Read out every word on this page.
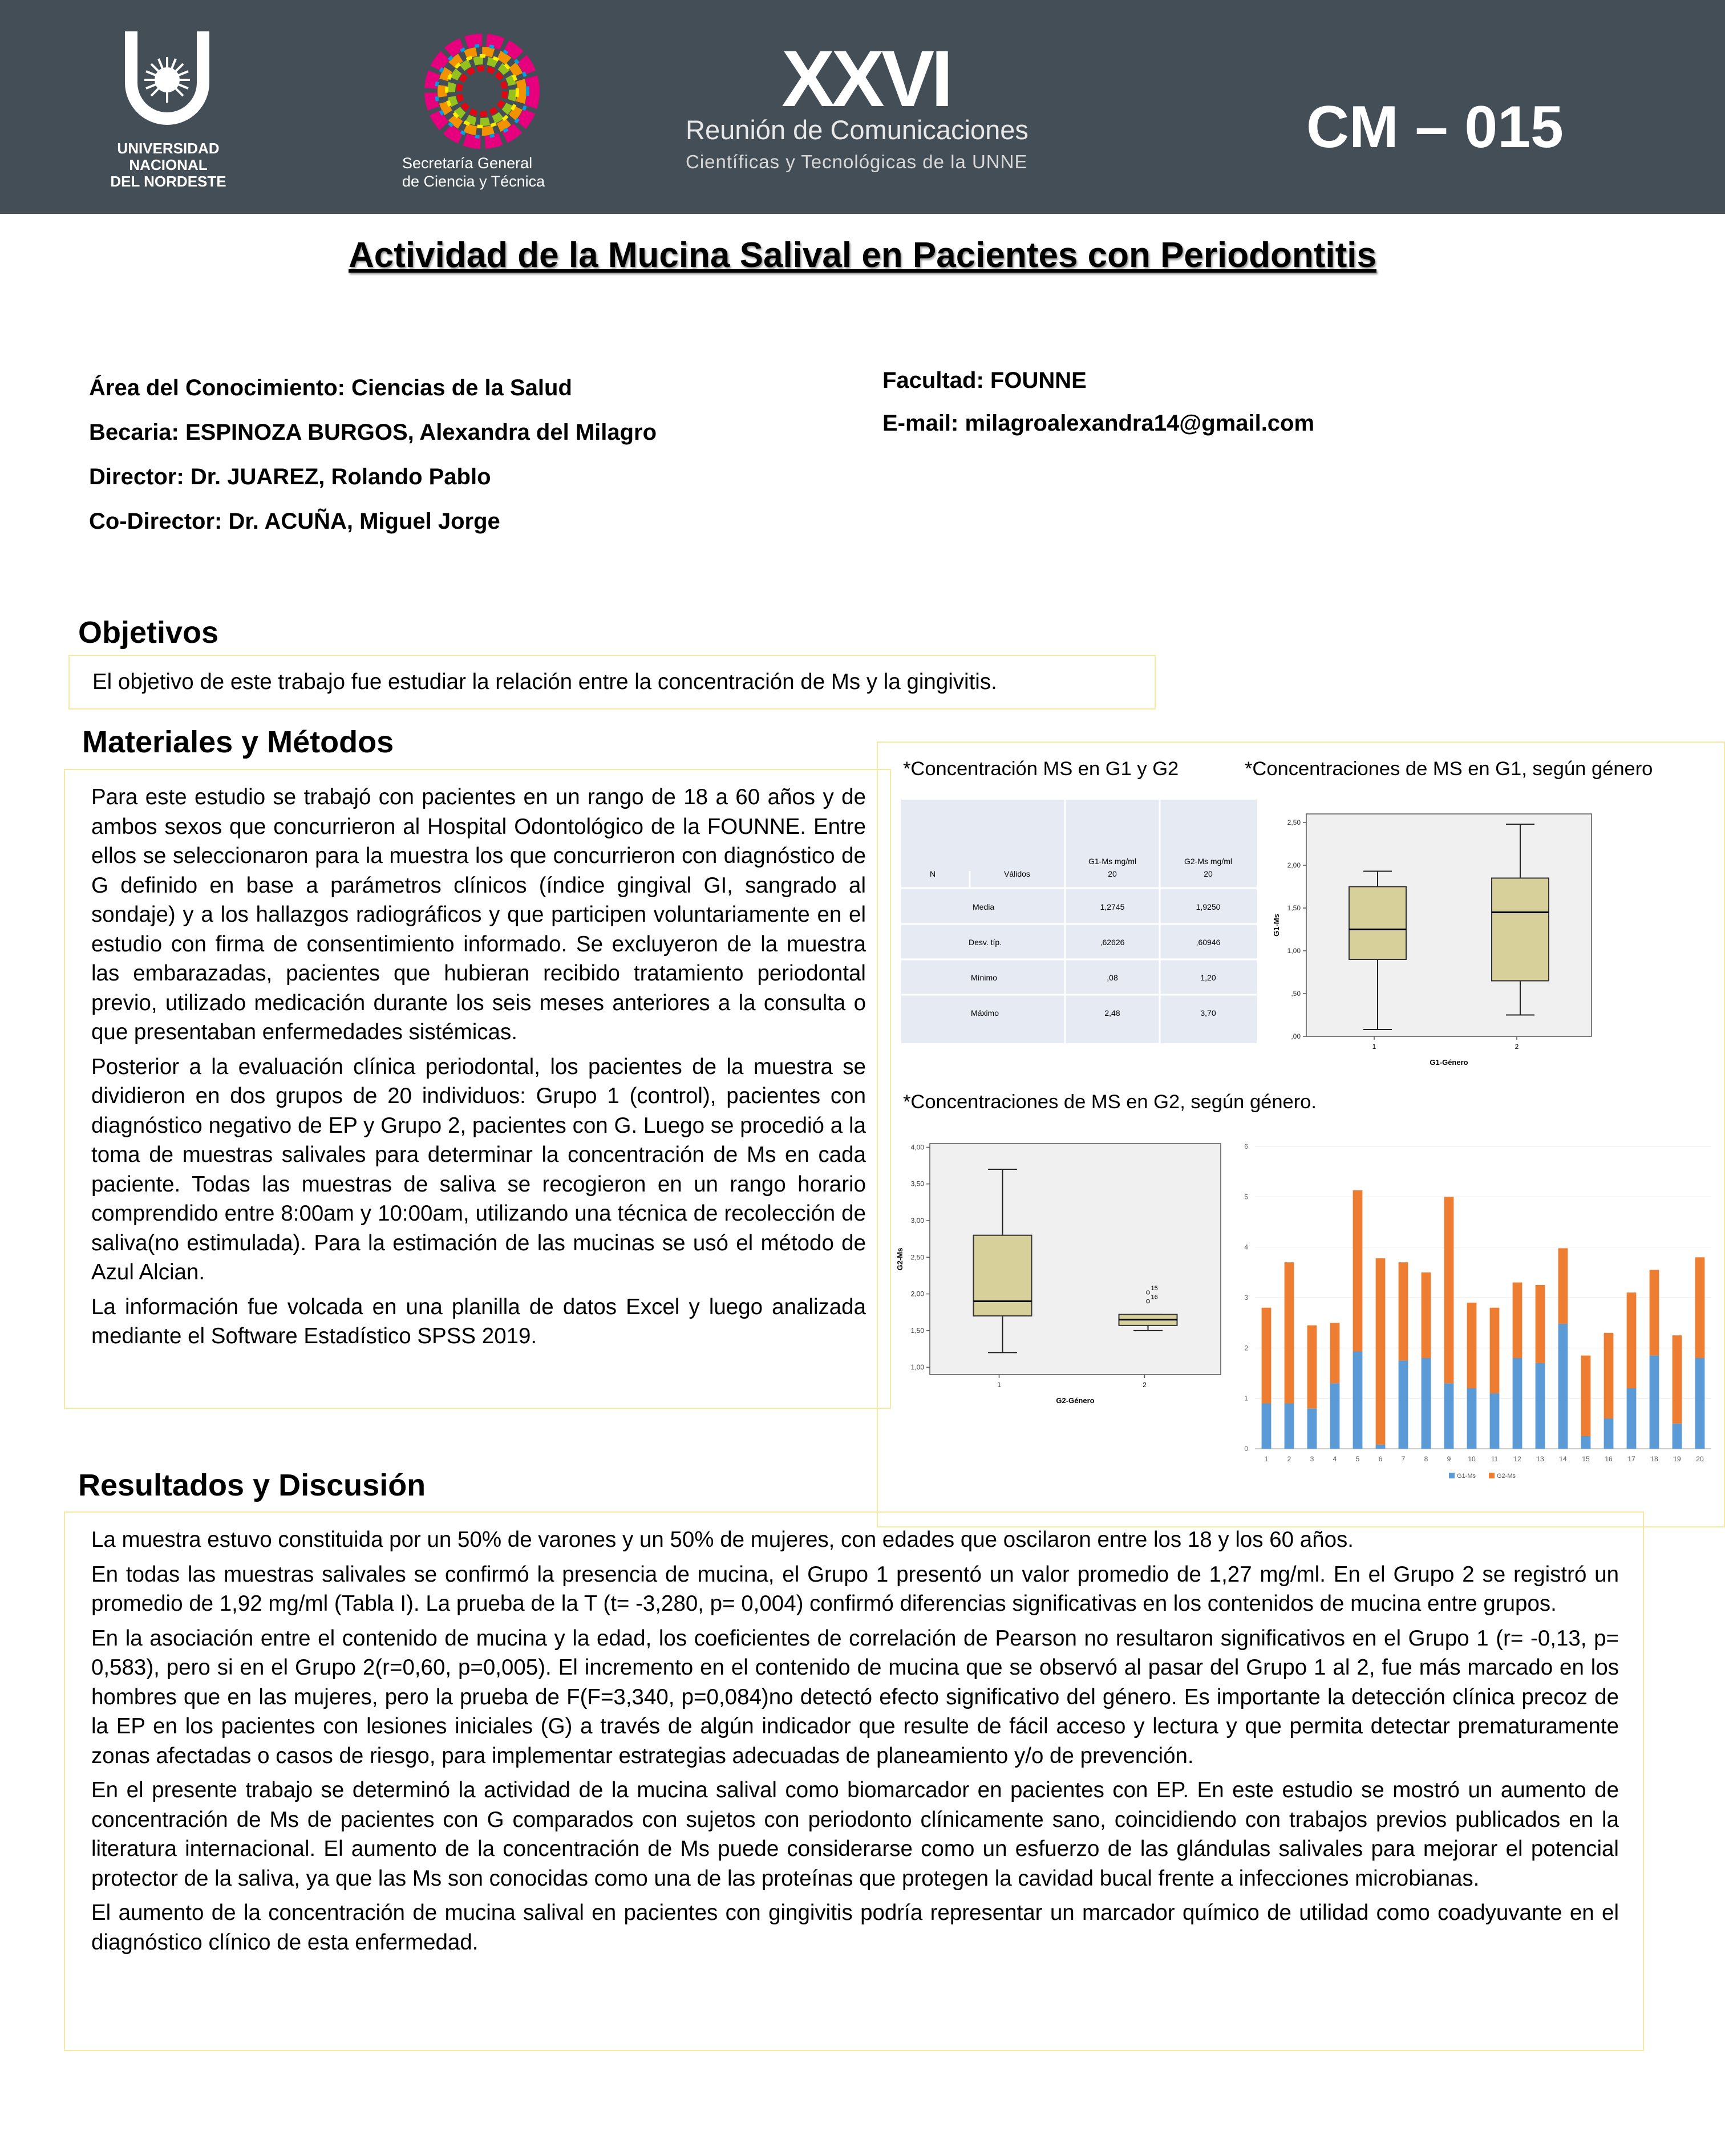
UNIVERSIDAD
NACIONAL
DEL NORDESTE
Secretaría General
de Ciencia y Técnica
XXVI
Reunión de Comunicaciones
Científicas y Tecnológicas de la UNNE
CM – 015
Actividad de la Mucina Salival en Pacientes con Periodontitis
Área del Conocimiento: Ciencias de la Salud
Becaria: ESPINOZA BURGOS, Alexandra del Milagro
Director: Dr. JUAREZ, Rolando Pablo
Co-Director: Dr. ACUÑA, Miguel Jorge
Facultad: FOUNNE
E-mail: milagroalexandra14@gmail.com
Objetivos
El objetivo de este trabajo fue estudiar la relación entre la concentración de Ms y la gingivitis.
Materiales y Métodos

Para este estudio se trabajó con pacientes en un rango de 18 a 60 años y de ambos sexos que concurrieron al Hospital Odontológico de la FOUNNE. Entre ellos se seleccionaron para la muestra los que concurrieron con diagnóstico de G definido en base a parámetros clínicos (índice gingival GI, sangrado al sondaje) y a los hallazgos radiográficos y que participen voluntariamente en el estudio con firma de consentimiento informado. Se excluyeron de la muestra las embarazadas, pacientes que hubieran recibido tratamiento periodontal previo, utilizado medicación durante los seis meses anteriores a la consulta o que presentaban enfermedades sistémicas.

Posterior a la evaluación clínica periodontal, los pacientes de la muestra se dividieron en dos grupos de 20 individuos: Grupo 1 (control), pacientes con diagnóstico negativo de EP y Grupo 2, pacientes con G. Luego se procedió a la toma de muestras salivales para determinar la concentración de Ms en cada paciente. Todas las muestras de saliva se recogieron en un rango horario comprendido entre 8:00am y 10:00am, utilizando una técnica de recolección de saliva(no estimulada). Para la estimación de las mucinas se usó el método de Azul Alcian.

La información fue volcada en una planilla de datos Excel y luego analizada mediante el Software Estadístico SPSS 2019.

*Concentración MS en G1 y G2	*Concentraciones de MS en G1, según género
*Concentraciones de MS en G2, según género.
G1-Ms mg/ml	G2-Ms mg/ml
N	Válidos	20	20
Media	1,2745	1,9250
Desv. típ.	,62626	,60946
Mínimo	,08	1,20
Máximo	2,48	3,70
,00
,50
1,00
1,50
2,00
2,50
G1-Ms
G1-Género
1	2
1,00
1,50
2,00
2,50
3,00
3,50
4,00
G2-Ms
G2-Género
1	2
15
16
0
1
2
3
4
5
6
1	2	3	4	5	6	7	8	9 10 11 12 13 14 15 16 17 18 19 20
G1-Ms	G2-Ms
Resultados y Discusión

La muestra estuvo constituida por un 50% de varones y un 50% de mujeres, con edades que oscilaron entre los 18 y los 60 años.

En todas las muestras salivales se confirmó la presencia de mucina, el Grupo 1 presentó un valor promedio de 1,27 mg/ml. En el Grupo 2 se registró un promedio de 1,92 mg/ml (Tabla I). La prueba de la T (t= -3,280, p= 0,004) confirmó diferencias significativas en los contenidos de mucina entre grupos.

En la asociación entre el contenido de mucina y la edad, los coeficientes de correlación de Pearson no resultaron significativos en el Grupo 1 (r= -0,13, p= 0,583), pero si en el Grupo 2(r=0,60, p=0,005). El incremento en el contenido de mucina que se observó al pasar del Grupo 1 al 2, fue más marcado en los hombres que en las mujeres, pero la prueba de F(F=3,340, p=0,084)no detectó efecto significativo del género. Es importante la detección clínica precoz de la EP en los pacientes con lesiones iniciales (G) a través de algún indicador que resulte de fácil acceso y lectura y que permita detectar prematuramente zonas afectadas o casos de riesgo, para implementar estrategias adecuadas de planeamiento y/o de prevención.

En el presente trabajo se determinó la actividad de la mucina salival como biomarcador en pacientes con EP. En este estudio se mostró un aumento de concentración de Ms de pacientes con G comparados con sujetos con periodonto clínicamente sano, coincidiendo con trabajos previos publicados en la literatura internacional. El aumento de la concentración de Ms puede considerarse como un esfuerzo de las glándulas salivales para mejorar el potencial protector de la saliva, ya que las Ms son conocidas como una de las proteínas que protegen la cavidad bucal frente a infecciones microbianas.

El aumento de la concentración de mucina salival en pacientes con gingivitis podría representar un marcador químico de utilidad como coadyuvante en el diagnóstico clínico de esta enfermedad.
